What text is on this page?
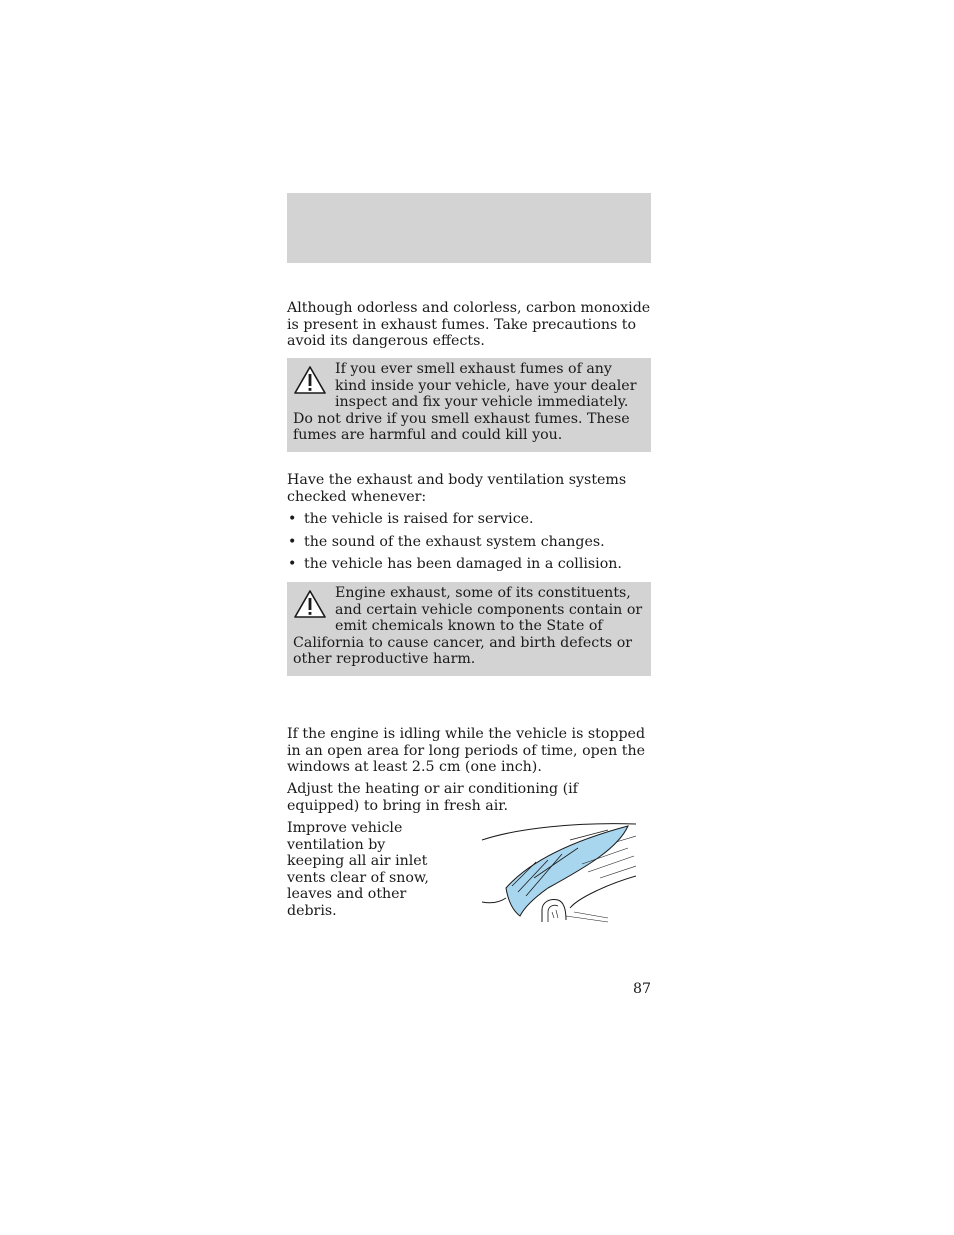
Although odorless and colorless, carbon monoxide is present in exhaust fumes. Take precautions to avoid its dangerous effects.

If you ever smell exhaust fumes of any kind inside your vehicle, have your dealer inspect and fix your vehicle immediately. Do not drive if you smell exhaust fumes. These fumes are harmful and could kill you.

Have the exhaust and body ventilation systems checked whenever:

• the vehicle is raised for service.
• the sound of the exhaust system changes.
• the vehicle has been damaged in a collision.

Engine exhaust, some of its constituents, and certain vehicle components contain or emit chemicals known to the State of California to cause cancer, and birth defects or other reproductive harm.

If the engine is idling while the vehicle is stopped in an open area for long periods of time, open the windows at least 2.5 cm (one inch).

Adjust the heating or air conditioning (if equipped) to bring in fresh air.

Improve vehicle ventilation by keeping all air inlet vents clear of snow, leaves and other debris.

87
